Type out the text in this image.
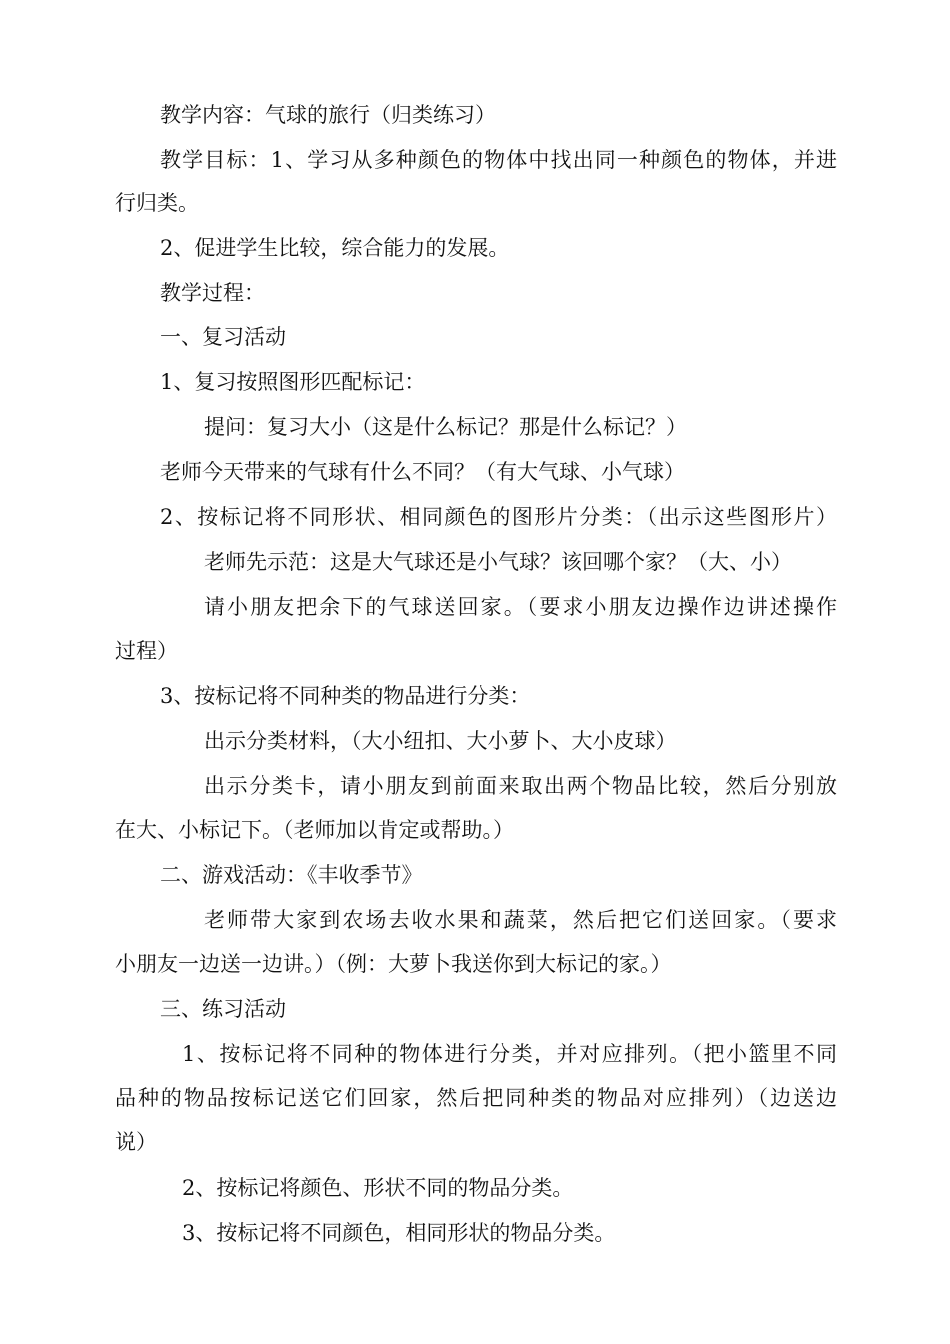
教学内容：气球的旅行（归类练习）
教学目标：1、学习从多种颜色的物体中找出同一种颜色的物体，并进
行归类。
2、促进学生比较，综合能力的发展。
教学过程：
一、复习活动
1、复习按照图形匹配标记：
提问：复习大小（这是什么标记？那是什么标记？）
老师今天带来的气球有什么不同？（有大气球、小气球）
2、按标记将不同形状、相同颜色的图形片分类：（出示这些图形片）
老师先示范：这是大气球还是小气球？该回哪个家？（大、小）
请小朋友把余下的气球送回家。（要求小朋友边操作边讲述操作
过程）
3、按标记将不同种类的物品进行分类：
出示分类材料，（大小纽扣、大小萝卜、大小皮球）
出示分类卡，请小朋友到前面来取出两个物品比较，然后分别放
在大、小标记下。（老师加以肯定或帮助。）
二、游戏活动：《丰收季节》
老师带大家到农场去收水果和蔬菜，然后把它们送回家。（要求
小朋友一边送一边讲。）（例：大萝卜我送你到大标记的家。）
三、练习活动
1、按标记将不同种的物体进行分类，并对应排列。（把小篮里不同
品种的物品按标记送它们回家，然后把同种类的物品对应排列）（边送边
说）
2、按标记将颜色、形状不同的物品分类。
3、按标记将不同颜色，相同形状的物品分类。
